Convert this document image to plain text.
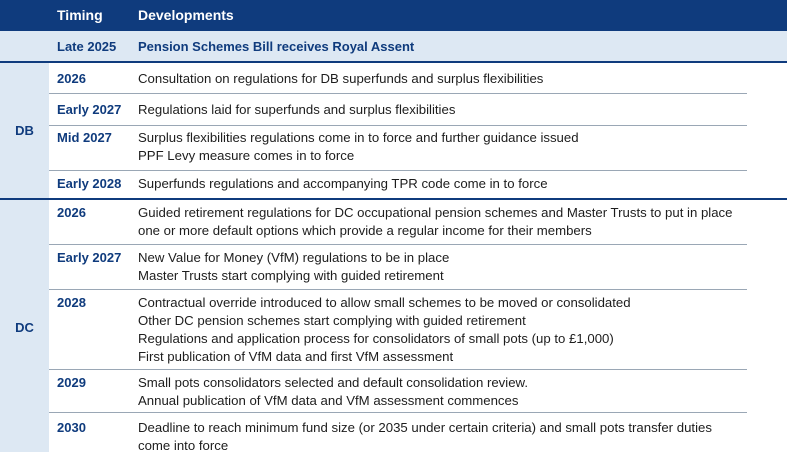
Timing	Developments
Late 2025	Pension Schemes Bill receives Royal Assent
DB
2026	Consultation on regulations for DB superfunds and surplus flexibilities
Early 2027	Regulations laid for superfunds and surplus flexibilities
Mid 2027	Surplus flexibilities regulations come in to force and further guidance issued
PPF Levy measure comes in to force
Early 2028	Superfunds regulations and accompanying TPR code come in to force
DC
2026	Guided retirement regulations for DC occupational pension schemes and Master Trusts to put in place one or more default options which provide a regular income for their members
Early 2027	New Value for Money (VfM) regulations to be in place
Master Trusts start complying with guided retirement
2028	Contractual override introduced to allow small schemes to be moved or consolidated
Other DC pension schemes start complying with guided retirement
Regulations and application process for consolidators of small pots (up to £1,000)
First publication of VfM data and first VfM assessment
2029	Small pots consolidators selected and default consolidation review.
Annual publication of VfM data and VfM assessment commences
2030	Deadline to reach minimum fund size (or 2035 under certain criteria) and small pots transfer duties come into force
